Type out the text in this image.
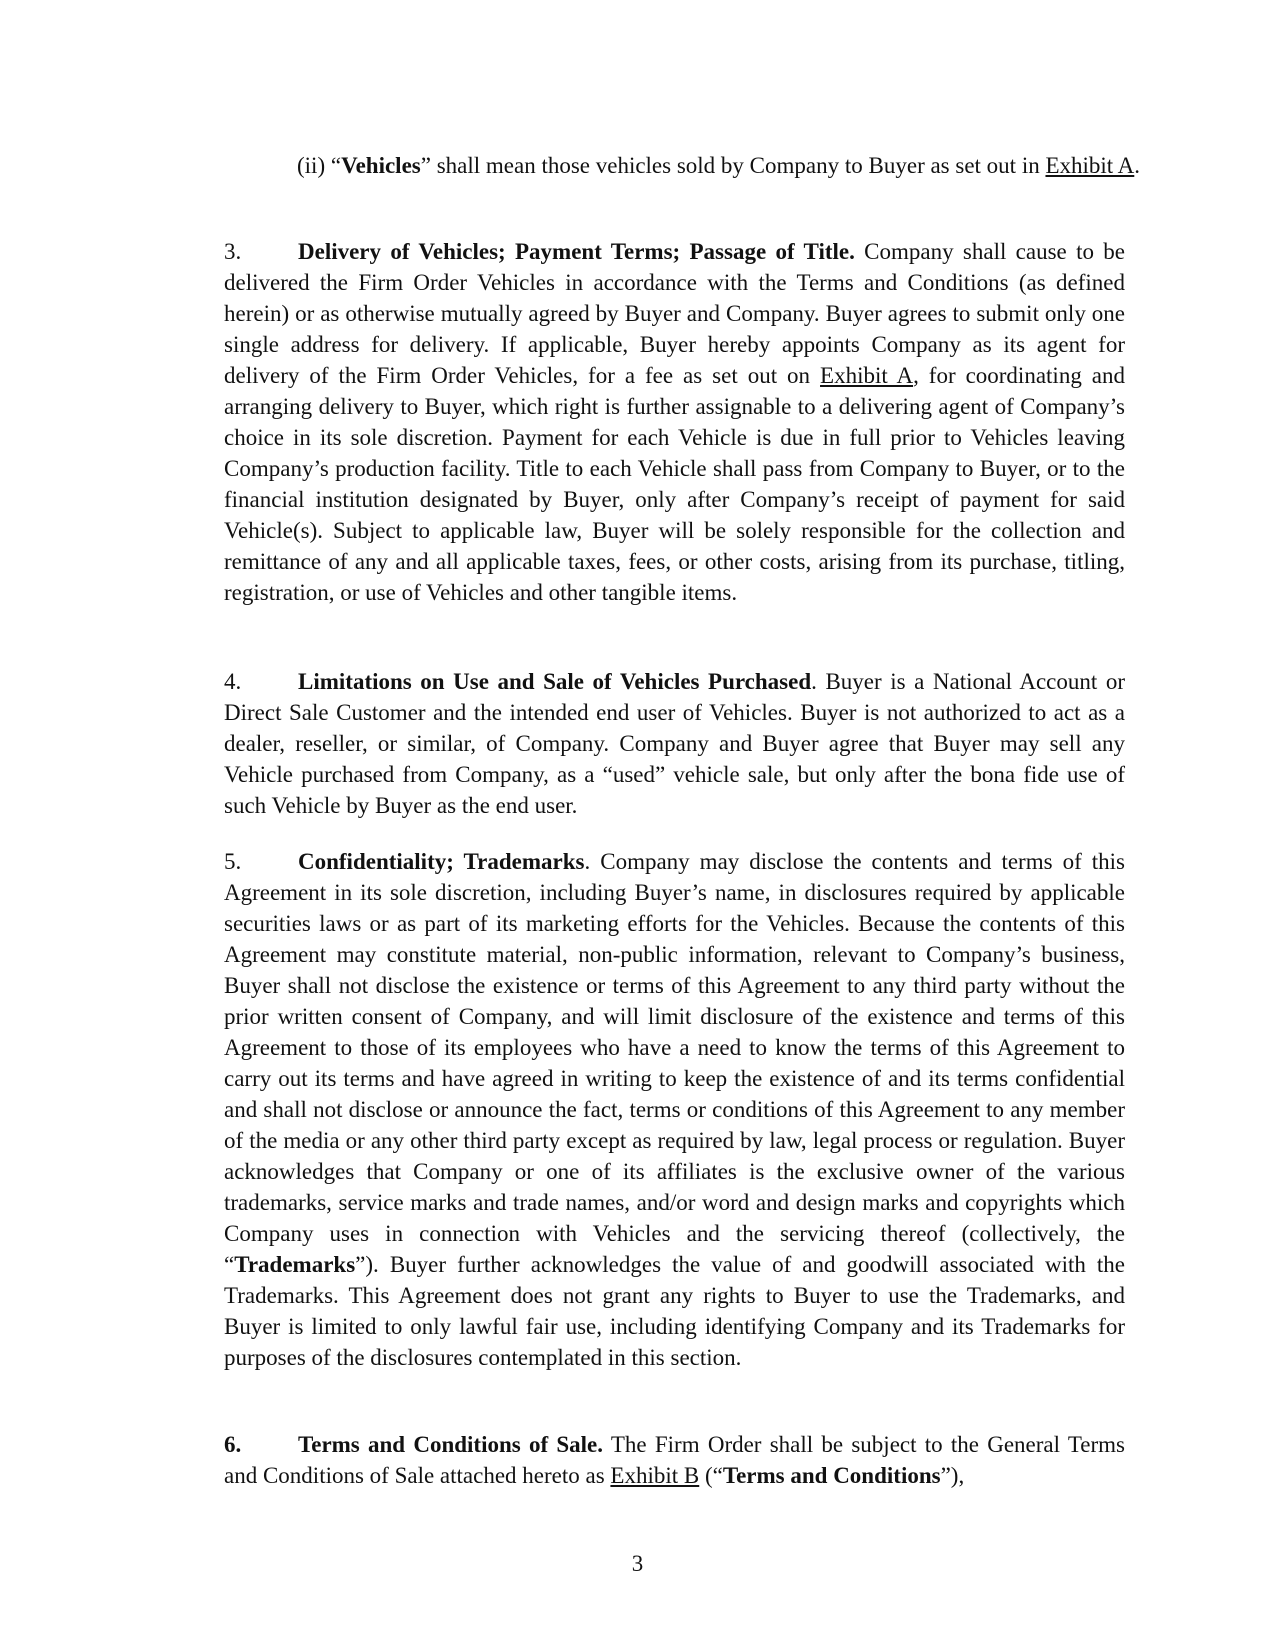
(ii) “Vehicles” shall mean those vehicles sold by Company to Buyer as set out in Exhibit A.

3. Delivery of Vehicles; Payment Terms; Passage of Title. Company shall cause to be delivered the Firm Order Vehicles in accordance with the Terms and Conditions (as defined herein) or as otherwise mutually agreed by Buyer and Company. Buyer agrees to submit only one single address for delivery. If applicable, Buyer hereby appoints Company as its agent for delivery of the Firm Order Vehicles, for a fee as set out on Exhibit A, for coordinating and arranging delivery to Buyer, which right is further assignable to a delivering agent of Company’s choice in its sole discretion. Payment for each Vehicle is due in full prior to Vehicles leaving Company’s production facility. Title to each Vehicle shall pass from Company to Buyer, or to the financial institution designated by Buyer, only after Company’s receipt of payment for said Vehicle(s). Subject to applicable law, Buyer will be solely responsible for the collection and remittance of any and all applicable taxes, fees, or other costs, arising from its purchase, titling, registration, or use of Vehicles and other tangible items.

4. Limitations on Use and Sale of Vehicles Purchased. Buyer is a National Account or Direct Sale Customer and the intended end user of Vehicles. Buyer is not authorized to act as a dealer, reseller, or similar, of Company. Company and Buyer agree that Buyer may sell any Vehicle purchased from Company, as a “used” vehicle sale, but only after the bona fide use of such Vehicle by Buyer as the end user.

5. Confidentiality; Trademarks. Company may disclose the contents and terms of this Agreement in its sole discretion, including Buyer’s name, in disclosures required by applicable securities laws or as part of its marketing efforts for the Vehicles. Because the contents of this Agreement may constitute material, non-public information, relevant to Company’s business, Buyer shall not disclose the existence or terms of this Agreement to any third party without the prior written consent of Company, and will limit disclosure of the existence and terms of this Agreement to those of its employees who have a need to know the terms of this Agreement to carry out its terms and have agreed in writing to keep the existence of and its terms confidential and shall not disclose or announce the fact, terms or conditions of this Agreement to any member of the media or any other third party except as required by law, legal process or regulation. Buyer acknowledges that Company or one of its affiliates is the exclusive owner of the various trademarks, service marks and trade names, and/or word and design marks and copyrights which Company uses in connection with Vehicles and the servicing thereof (collectively, the “Trademarks”). Buyer further acknowledges the value of and goodwill associated with the Trademarks. This Agreement does not grant any rights to Buyer to use the Trademarks, and Buyer is limited to only lawful fair use, including identifying Company and its Trademarks for purposes of the disclosures contemplated in this section.

6. Terms and Conditions of Sale. The Firm Order shall be subject to the General Terms and Conditions of Sale attached hereto as Exhibit B (“Terms and Conditions”),

3
